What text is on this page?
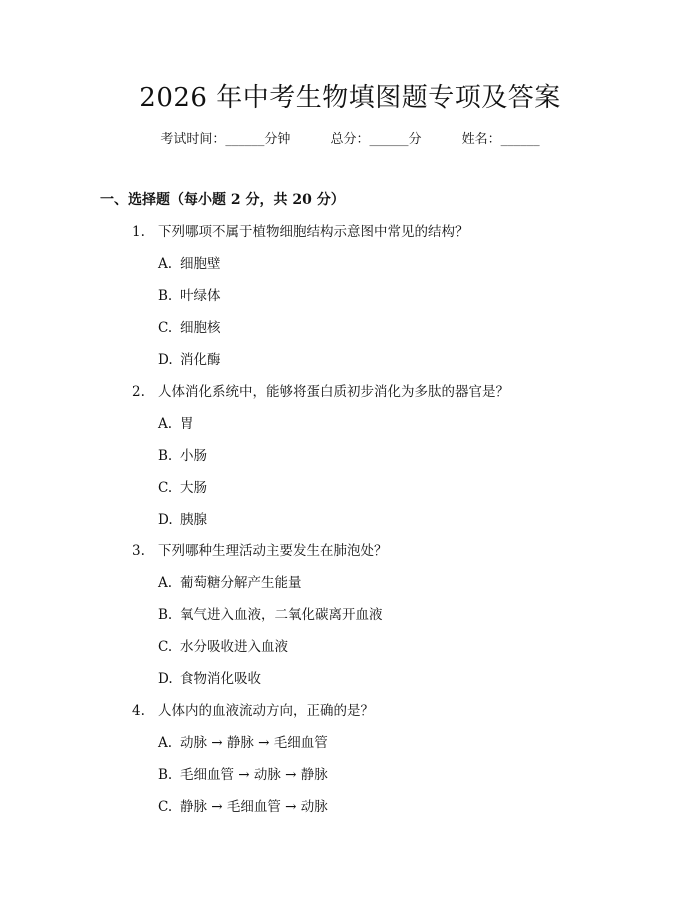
2026 年中考生物填图题专项及答案
考试时间：______分钟	总分：______分	姓名：______
一、选择题（每小题 2 分，共 20 分）
1. 下列哪项不属于植物细胞结构示意图中常见的结构？
A. 细胞壁
B. 叶绿体
C. 细胞核
D. 消化酶
2. 人体消化系统中，能够将蛋白质初步消化为多肽的器官是？
A. 胃
B. 小肠
C. 大肠
D. 胰腺
3. 下列哪种生理活动主要发生在肺泡处？
A. 葡萄糖分解产生能量
B. 氧气进入血液，二氧化碳离开血液
C. 水分吸收进入血液
D. 食物消化吸收
4. 人体内的血液流动方向，正确的是？
A. 动脉 → 静脉 → 毛细血管
B. 毛细血管 → 动脉 → 静脉
C. 静脉 → 毛细血管 → 动脉
